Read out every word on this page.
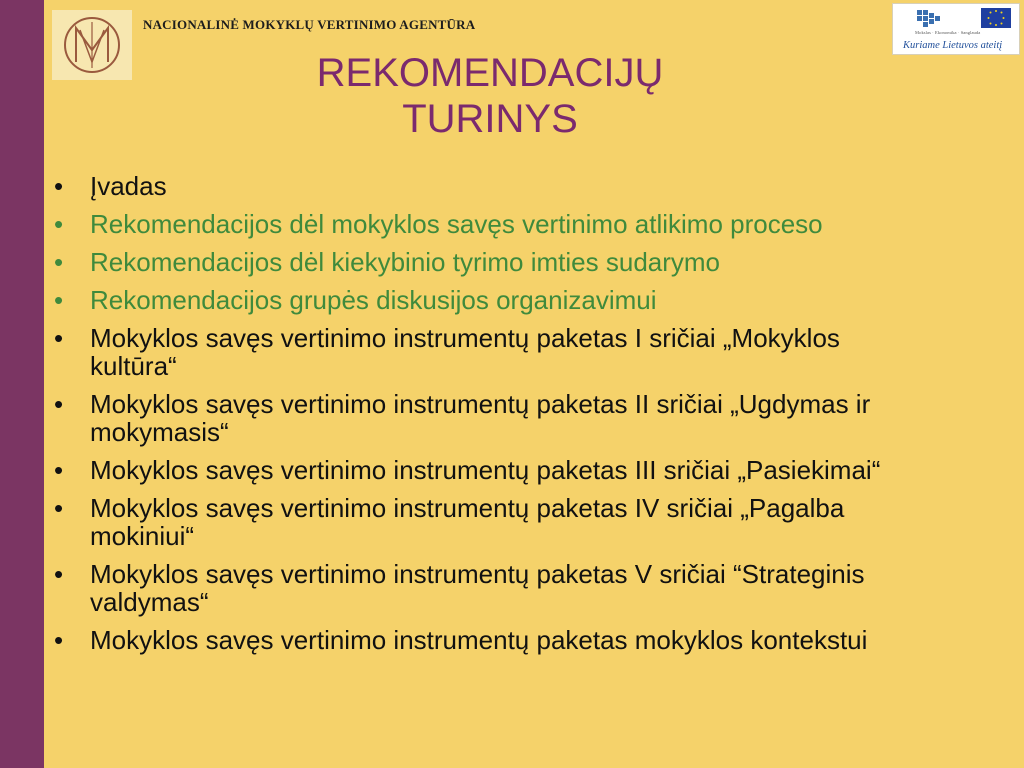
NACIONALINĖ MOKYKLŲ VERTINIMO AGENTŪRA
Mokslas · Ekonomika · Sanglauda
Kuriame Lietuvos ateitį
REKOMENDACIJŲ
TURINYS
• Įvadas
• Rekomendacijos dėl mokyklos savęs vertinimo atlikimo proceso
• Rekomendacijos dėl kiekybinio tyrimo imties sudarymo
• Rekomendacijos grupės diskusijos organizavimui
• Mokyklos savęs vertinimo instrumentų paketas I sričiai „Mokyklos kultūra“
• Mokyklos savęs vertinimo instrumentų paketas II sričiai „Ugdymas ir mokymasis“
• Mokyklos savęs vertinimo instrumentų paketas III sričiai „Pasiekimai“
• Mokyklos savęs vertinimo instrumentų paketas IV sričiai „Pagalba mokiniui“
• Mokyklos savęs vertinimo instrumentų paketas V sričiai “Strateginis valdymas“
• Mokyklos savęs vertinimo instrumentų paketas mokyklos kontekstui
